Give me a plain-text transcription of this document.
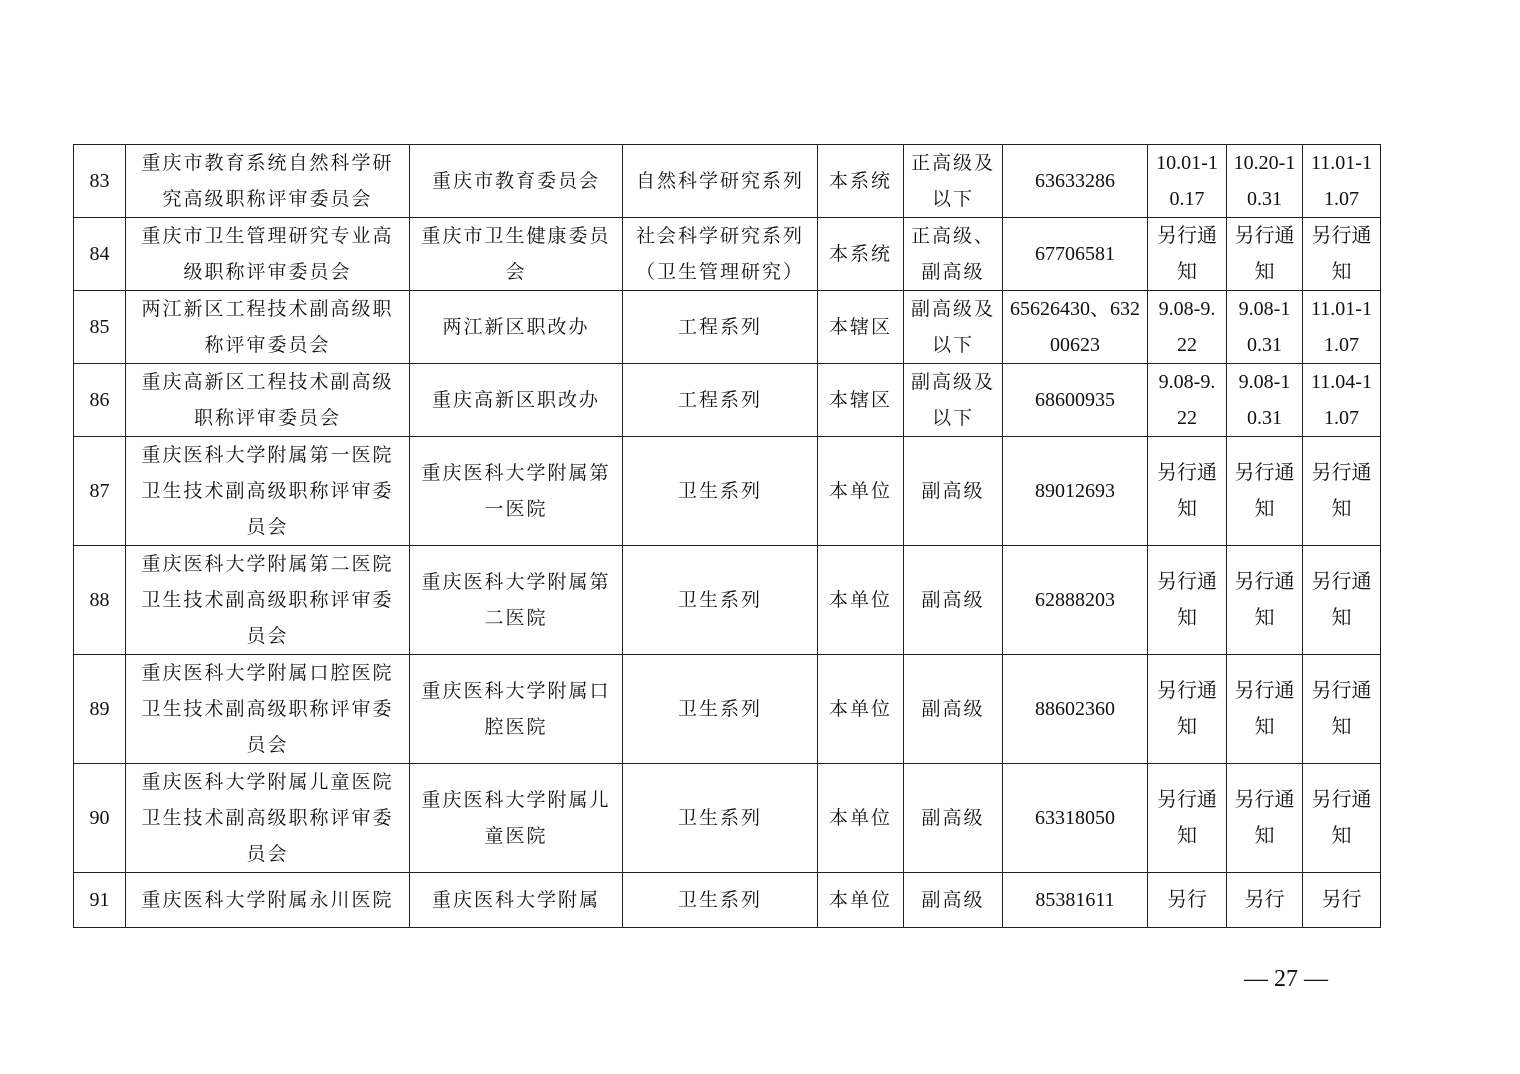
83	重庆市教育系统自然科学研究高级职称评审委员会	重庆市教育委员会	自然科学研究系列	本系统	正高级及以下	63633286	10.01-10.17	10.20-10.31	11.01-11.07
84	重庆市卫生管理研究专业高级职称评审委员会	重庆市卫生健康委员会	社会科学研究系列（卫生管理研究）	本系统	正高级、副高级	67706581	另行通知	另行通知	另行通知
85	两江新区工程技术副高级职称评审委员会	两江新区职改办	工程系列	本辖区	副高级及以下	65626430、63200623	9.08-9.22	9.08-10.31	11.01-11.07
86	重庆高新区工程技术副高级职称评审委员会	重庆高新区职改办	工程系列	本辖区	副高级及以下	68600935	9.08-9.22	9.08-10.31	11.04-11.07
87	重庆医科大学附属第一医院卫生技术副高级职称评审委员会	重庆医科大学附属第一医院	卫生系列	本单位	副高级	89012693	另行通知	另行通知	另行通知
88	重庆医科大学附属第二医院卫生技术副高级职称评审委员会	重庆医科大学附属第二医院	卫生系列	本单位	副高级	62888203	另行通知	另行通知	另行通知
89	重庆医科大学附属口腔医院卫生技术副高级职称评审委员会	重庆医科大学附属口腔医院	卫生系列	本单位	副高级	88602360	另行通知	另行通知	另行通知
90	重庆医科大学附属儿童医院卫生技术副高级职称评审委员会	重庆医科大学附属儿童医院	卫生系列	本单位	副高级	63318050	另行通知	另行通知	另行通知
91	重庆医科大学附属永川医院	重庆医科大学附属	卫生系列	本单位	副高级	85381611	另行	另行	另行
— 27 —
